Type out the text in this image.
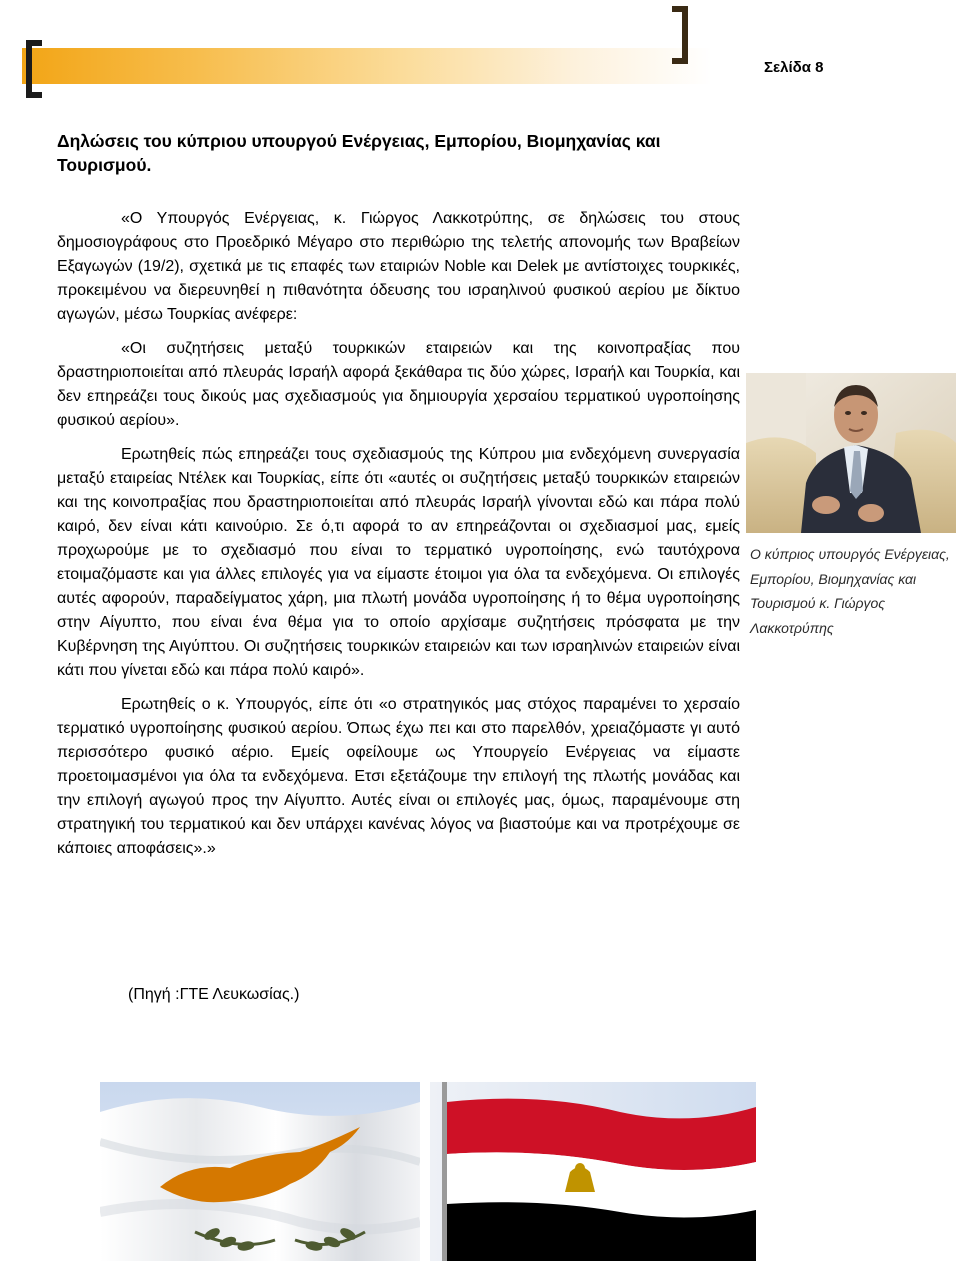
Σελίδα 8
Δηλώσεις του κύπριου υπουργού Ενέργειας, Εμπορίου, Βιομηχανίας και Τουρισμού.

«Ο Υπουργός Ενέργειας, κ. Γιώργος Λακκοτρύπης, σε δηλώσεις του στους δημοσιογράφους στο Προεδρικό Μέγαρο στο περιθώριο της τελετής απονομής των Βραβείων Εξαγωγών (19/2), σχετικά με τις επαφές των εταιριών Noble και Delek με αντίστοιχες τουρκικές, προκειμένου να διερευνηθεί η πιθανότητα όδευσης του ισραηλινού φυσικού αερίου με δίκτυο αγωγών, μέσω Τουρκίας ανέφερε:

«Οι συζητήσεις μεταξύ τουρκικών εταιρειών και της κοινοπραξίας που δραστηριοποιείται από πλευράς Ισραήλ αφορά ξεκάθαρα τις δύο χώρες, Ισραήλ και Τουρκία, και δεν επηρεάζει τους δικούς μας σχεδιασμούς για δημιουργία χερσαίου τερματικού υγροποίησης φυσικού αερίου».

Ερωτηθείς πώς επηρεάζει τους σχεδιασμούς της Κύπρου μια ενδεχόμενη συνεργασία μεταξύ εταιρείας Ντέλεκ και Τουρκίας, είπε ότι «αυτές οι συζητήσεις μεταξύ τουρκικών εταιρειών και της κοινοπραξίας που δραστηριοποιείται από πλευράς Ισραήλ γίνονται εδώ και πάρα πολύ καιρό, δεν είναι κάτι καινούριο. Σε ό,τι αφορά το αν επηρεάζονται οι σχεδιασμοί μας, εμείς προχωρούμε με το σχεδιασμό που είναι το τερματικό υγροποίησης, ενώ ταυτόχρονα ετοιμαζόμαστε και για άλλες επιλογές για να είμαστε έτοιμοι για όλα τα ενδεχόμενα. Οι επιλογές αυτές αφορούν, παραδείγματος χάρη, μια πλωτή μονάδα υγροποίησης ή το θέμα υγροποίησης στην Αίγυπτο, που είναι ένα θέμα για το οποίο αρχίσαμε συζητήσεις πρόσφατα με την Κυβέρνηση της Αιγύπτου. Οι συζητήσεις τουρκικών εταιρειών και των ισραηλινών εταιρειών είναι κάτι που γίνεται εδώ και πάρα πολύ καιρό».

Ερωτηθείς ο κ. Υπουργός, είπε ότι «ο στρατηγικός μας στόχος παραμένει το χερσαίο τερματικό υγροποίησης φυσικού αερίου. Όπως έχω πει και στο παρελθόν, χρειαζόμαστε γι αυτό περισσότερο φυσικό αέριο. Εμείς οφείλουμε ως Υπουργείο Ενέργειας να είμαστε προετοιμασμένοι για όλα τα ενδεχόμενα. Ετσι εξετάζουμε την επιλογή της πλωτής μονάδας και την επιλογή αγωγού προς την Αίγυπτο. Αυτές είναι οι επιλογές μας, όμως, παραμένουμε στη στρατηγική του τερματικού και δεν υπάρχει κανένας λόγος να βιαστούμε και να προτρέχουμε σε κάποιες αποφάσεις».»

(Πηγή :ΓΤΕ Λευκωσίας.)
Ο κύπριος υπουργός Ενέργειας, Εμπορίου, Βιομηχανίας και Τουρισμού κ. Γιώργος Λακκοτρύπης
